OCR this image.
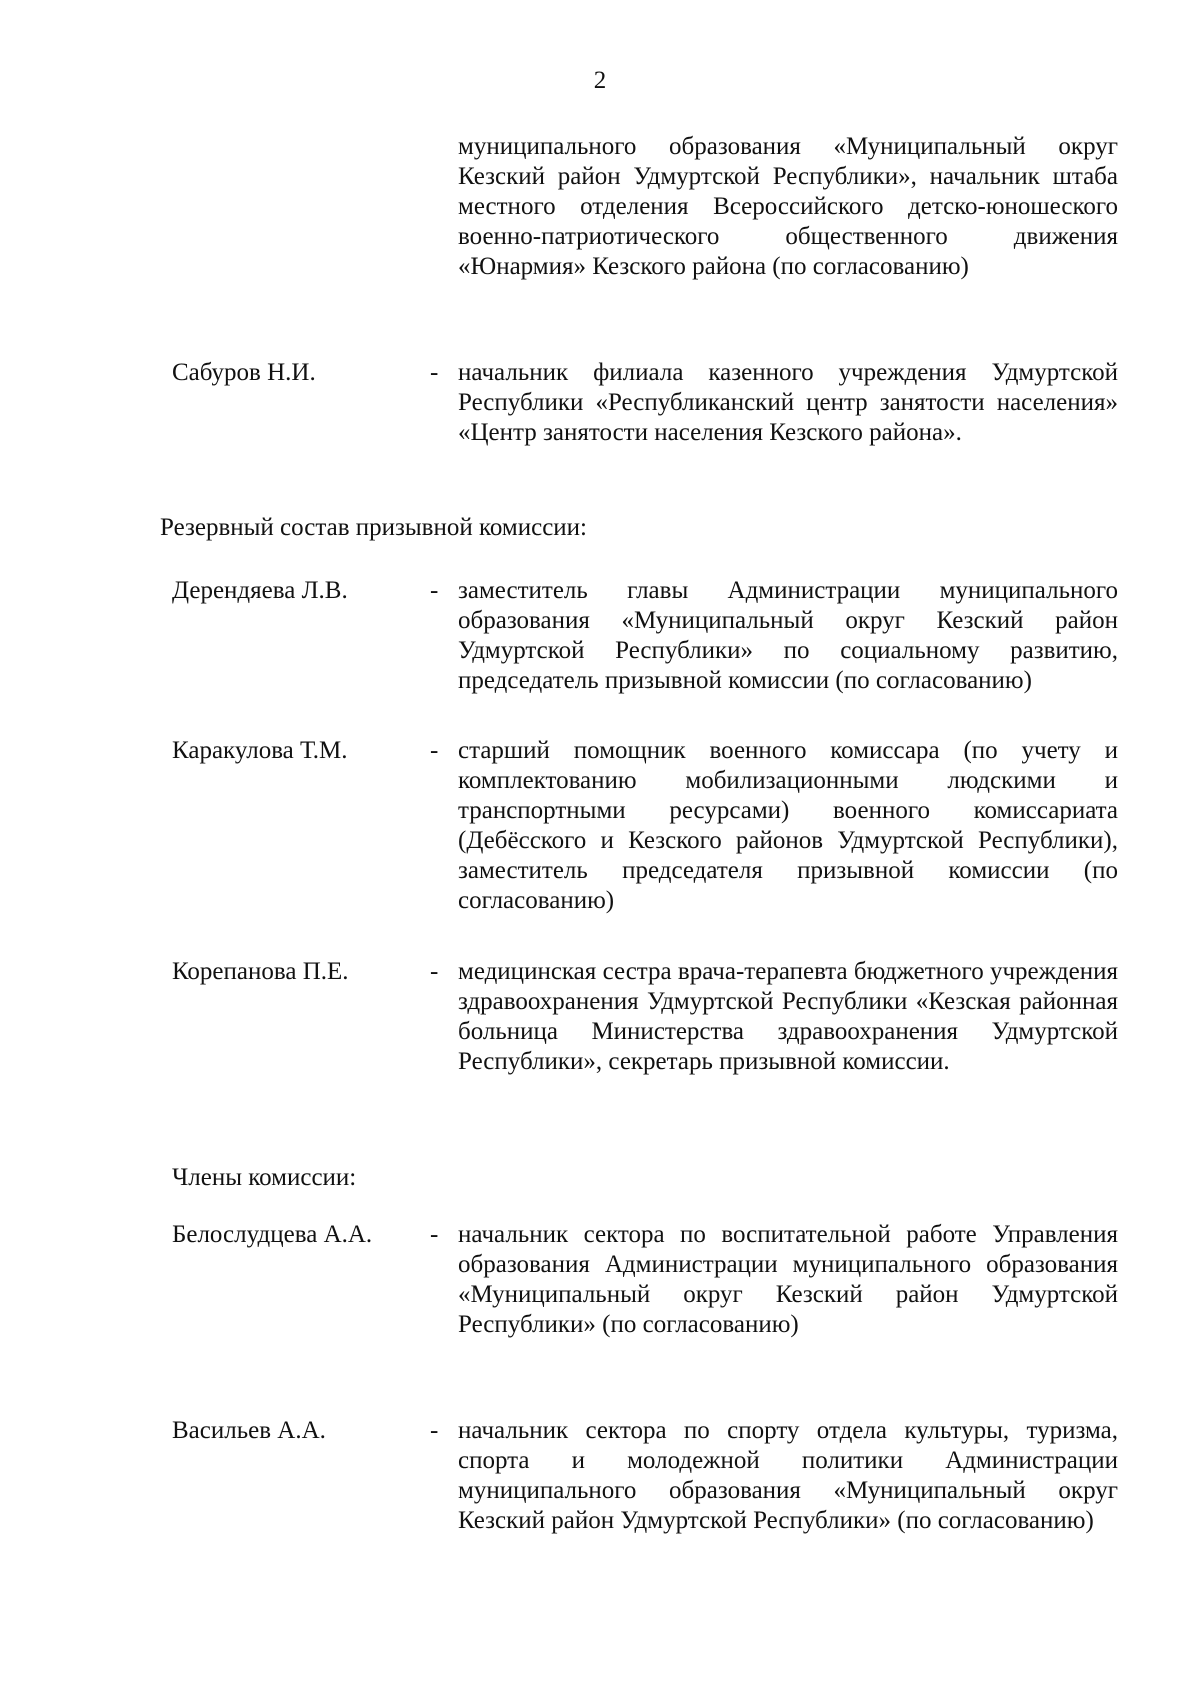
2
муниципального образования «Муниципальный округ Кезский район Удмуртской Республики», начальник штаба местного отделения Всероссийского детско-юношеского военно-патриотического общественного движения «Юнармия» Кезского района (по согласованию)
Сабуров Н.И.	- начальник филиала казенного учреждения Удмуртской Республики «Республиканский центр занятости населения» «Центр занятости населения Кезского района».
Резервный состав призывной комиссии:
Дерендяева Л.В.	- заместитель главы Администрации муниципального образования «Муниципальный округ Кезский район Удмуртской Республики» по социальному развитию, председатель призывной комиссии (по согласованию)
Каракулова Т.М.	- старший помощник военного комиссара (по учету и комплектованию мобилизационными людскими и транспортными ресурсами) военного комиссариата (Дебёсского и Кезского районов Удмуртской Республики), заместитель председателя призывной комиссии (по согласованию)
Корепанова П.Е.	- медицинская сестра врача-терапевта бюджетного учреждения здравоохранения Удмуртской Республики «Кезская районная больница Министерства здравоохранения Удмуртской Республики», секретарь призывной комиссии.
Члены комиссии:
Белослудцева А.А. - начальник сектора по воспитательной работе Управления образования Администрации муниципального образования «Муниципальный округ Кезский район Удмуртской Республики» (по согласованию)
Васильев А.А.	- начальник сектора по спорту отдела культуры, туризма, спорта и молодежной политики Администрации муниципального образования «Муниципальный округ Кезский район Удмуртской Республики» (по согласованию)
